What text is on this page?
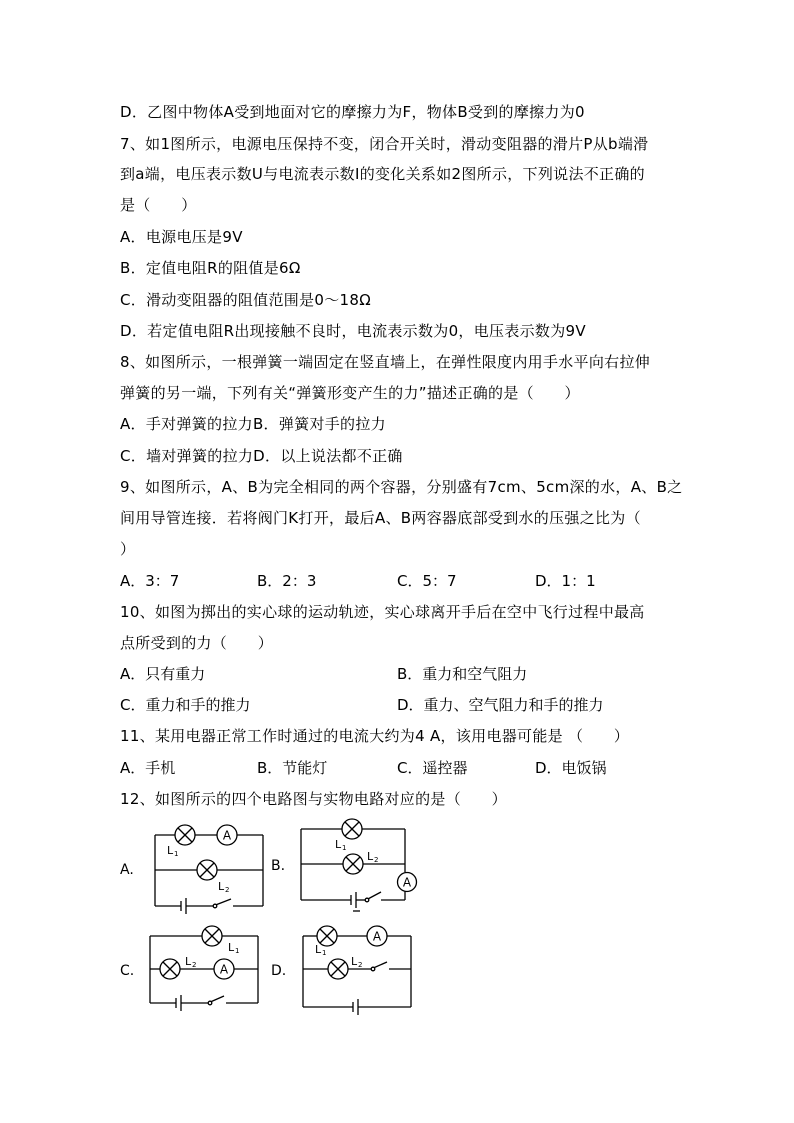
D．乙图中物体A受到地面对它的摩擦力为F，物体B受到的摩擦力为0
7、如1图所示，电源电压保持不变，闭合开关时，滑动变阻器的滑片P从b端滑
到a端，电压表示数U与电流表示数I的变化关系如2图所示，下列说法不正确的
是（　　）
A．电源电压是9V
B．定值电阻R的阻值是6Ω
C．滑动变阻器的阻值范围是0～18Ω
D．若定值电阻R出现接触不良时，电流表示数为0，电压表示数为9V
8、如图所示，一根弹簧一端固定在竖直墙上，在弹性限度内用手水平向右拉伸
弹簧的另一端，下列有关“弹簧形变产生的力”描述正确的是（　　）
A．手对弹簧的拉力B．弹簧对手的拉力
C．墙对弹簧的拉力D．以上说法都不正确
9、如图所示，A、B为完全相同的两个容器，分别盛有7cm、5cm深的水，A、B之
间用导管连接．若将阀门K打开，最后A、B两容器底部受到水的压强之比为（
）
A．3：7	B．2：3	C．5：7	D．1：1
10、如图为掷出的实心球的运动轨迹，实心球离开手后在空中飞行过程中最高
点所受到的力（　　）
A．只有重力	B．重力和空气阻力
C．重力和手的推力	D．重力、空气阻力和手的推力
11、某用电器正常工作时通过的电流大约为4 A，该用电器可能是 （　　）
A．手机	B．节能灯	C．遥控器	D．电饭锅
12、如图所示的四个电路图与实物电路对应的是（　　）
A.	B.
C.	D.
A
L 1
L 2
A
L 1
L 2
A
L 1
L 2
A
L 1
L 2
